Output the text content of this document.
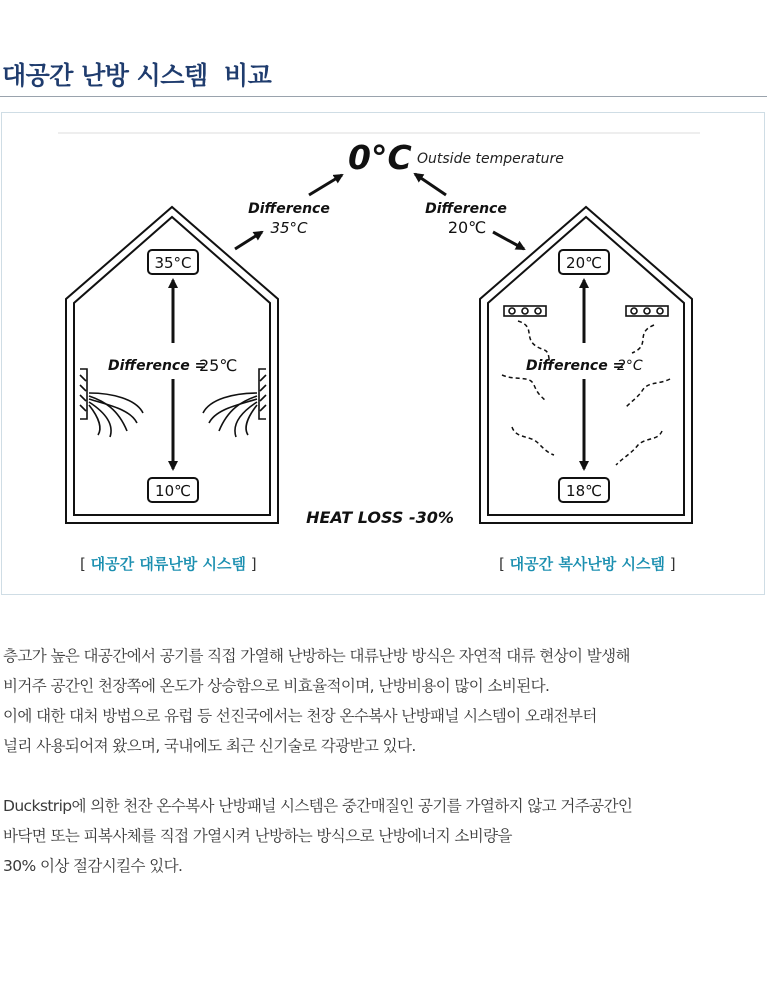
대공간 난방 시스템  비교
0°C Outside temperature
Difference
35°C
Difference
20℃
35°C
Difference =
25℃
10℃
20℃
Difference =
2°C
18℃
HEAT LOSS -30%
[ 대공간 대류난방 시스템 ]	[ 대공간 복사난방 시스템 ]

층고가 높은 대공간에서 공기를 직접 가열해 난방하는 대류난방 방식은 자연적 대류 현상이 발생해
비거주 공간인 천장쪽에 온도가 상승함으로 비효율적이며, 난방비용이 많이 소비된다.
이에 대한 대처 방법으로 유럽 등 선진국에서는 천장 온수복사 난방패널 시스템이 오래전부터
널리 사용되어져 왔으며, 국내에도 최근 신기술로 각광받고 있다.

Duckstrip에 의한 천잔 온수복사 난방패널 시스템은 중간매질인 공기를 가열하지 않고 거주공간인
바닥면 또는 피복사체를 직접 가열시켜 난방하는 방식으로 난방에너지 소비량을
30% 이상 절감시킬수 있다.
